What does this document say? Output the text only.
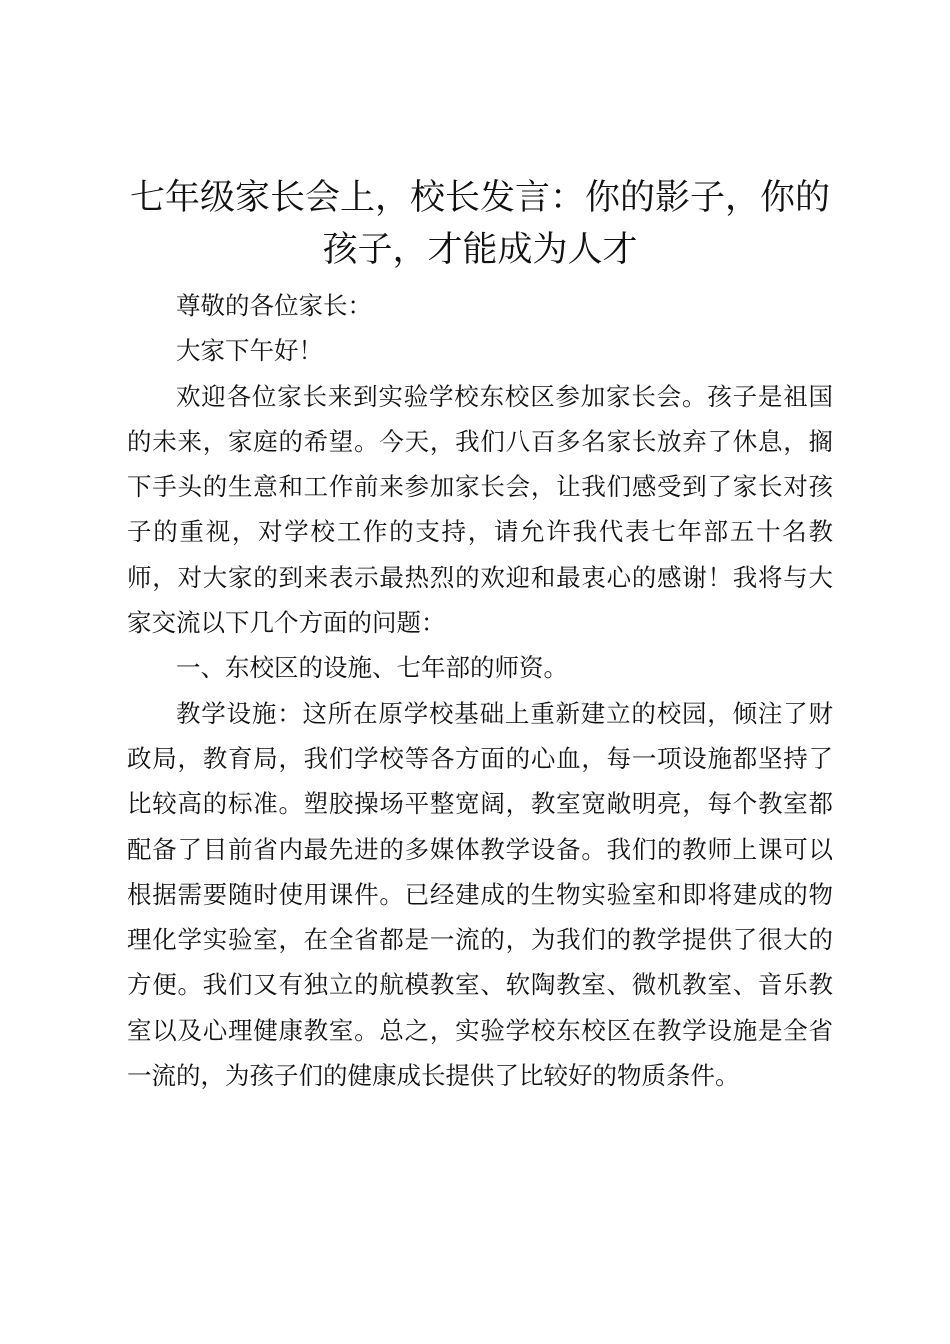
七年级家长会上，校长发言：你的影子，你的
孩子，才能成为人才

尊敬的各位家长：

大家下午好！

欢迎各位家长来到实验学校东校区参加家长会。孩子是祖国的未来，家庭的希望。今天，我们八百多名家长放弃了休息，搁下手头的生意和工作前来参加家长会，让我们感受到了家长对孩子的重视，对学校工作的支持，请允许我代表七年部五十名教师，对大家的到来表示最热烈的欢迎和最衷心的感谢！我将与大家交流以下几个方面的问题：

一、东校区的设施、七年部的师资。

教学设施：这所在原学校基础上重新建立的校园，倾注了财政局，教育局，我们学校等各方面的心血，每一项设施都坚持了比较高的标准。塑胶操场平整宽阔，教室宽敞明亮，每个教室都配备了目前省内最先进的多媒体教学设备。我们的教师上课可以根据需要随时使用课件。已经建成的生物实验室和即将建成的物理化学实验室，在全省都是一流的，为我们的教学提供了很大的方便。我们又有独立的航模教室、软陶教室、微机教室、音乐教室以及心理健康教室。总之，实验学校东校区在教学设施是全省一流的，为孩子们的健康成长提供了比较好的物质条件。
